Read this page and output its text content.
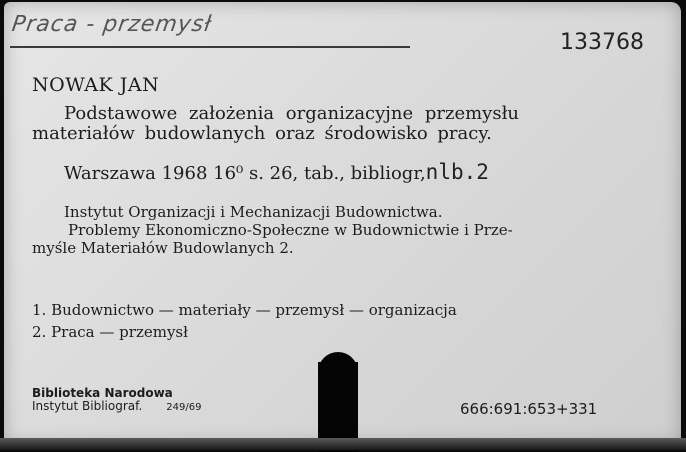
Praca - przemysł
133768
NOWAK JAN
Podstawowe założenia organizacyjne przemysłu
materiałów budowlanych oraz środowisko pracy.
Warszawa 1968 16⁰ s. 26, tab., bibliogr,nlb.2
Instytut Organizacji i Mechanizacji Budownictwa.
Problemy Ekonomiczno-Społeczne w Budownictwie i Prze-
myśle Materiałów Budowlanych 2.
1. Budownictwo — materiały — przemysł — organizacja
2. Praca — przemysł
Biblioteka Narodowa
Instytut Bibliograf. 249/69	666:691:653+331
